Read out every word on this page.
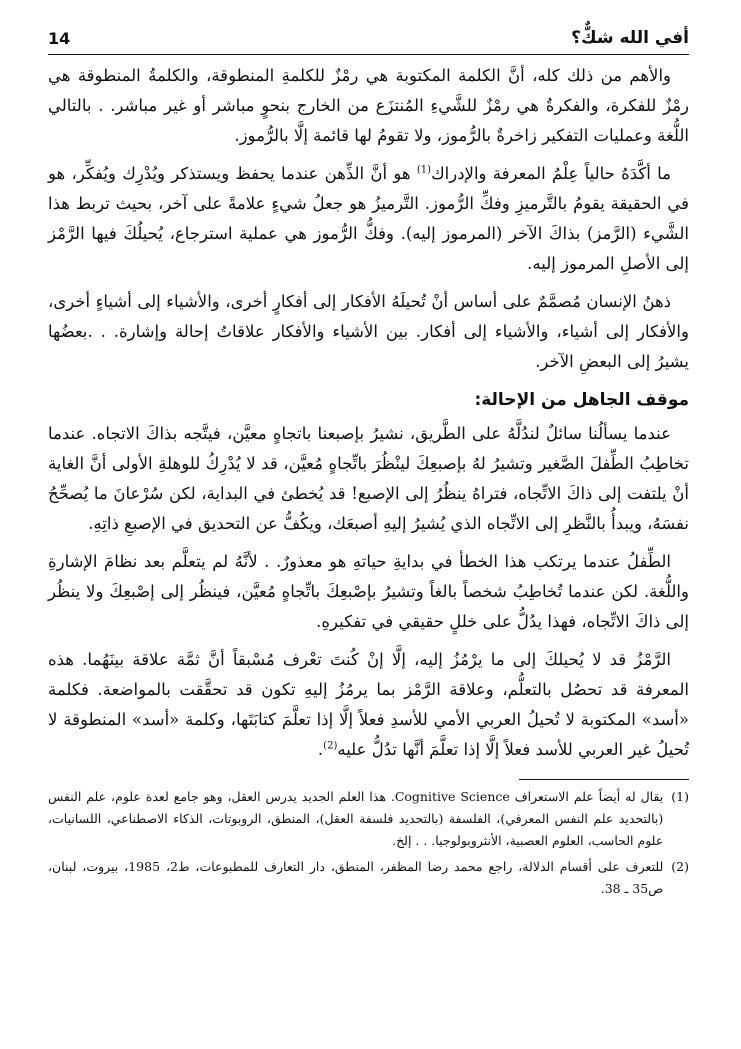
أفي الله شكٌّ؟
14

والأهم من ذلك كله، أنَّ الكلمة المكتوبة هي رمْزٌ للكلمةِ المنطوقة، والكلمةُ المنطوقة هي رمْزٌ للفكرة، والفكرةُ هي رمْزٌ للشَّيءِ المُنتزَع من الخارج بنحوٍ مباشر أو غير مباشر. . بالتالي اللُّغة وعمليات التفكير زاخرةٌ بالرُّموز، ولا تقومُ لها قائمة إلَّا بالرُّموز.

ما أكَّدَهُ حالياً عِلْمُ المعرفة والإدراك$^{(1)}$ هو أنَّ الذِّهن عندما يحفظ ويستذكر ويُدْرِك ويُفكِّر، هو في الحقيقة يقومُ بالتَّرميزِ وفكِّ الرُّموز. التَّرميزُ هو جعلُ شيءٍ علامةً على آخر، بحيث تربط هذا الشَّيء (الرَّمز) بذاكَ الآخر (المرموز إليه). وفكُّ الرُّموز هي عملية استرجاع، يُحيلُكَ فيها الرَّمْز إلى الأصلِ المرموز إليه.

ذهنُ الإنسان مُصمَّمٌ على أساس أنْ تُحيلَهُ الأفكار إلى أفكارٍ أخرى، والأشياء إلى أشياءٍ أخرى، والأفكار إلى أشياء، والأشياء إلى أفكار. بين الأشياء والأفكار علاقاتُ إحالة وإشارة. . .بعضُها يشيرُ إلى البعضِ الآخر.

موقف الجاهل من الإحالة:

عندما يسألُنا سائلٌ لندُلَّهُ على الطَّريق، نشيرُ بإصبعنا باتجاهٍ معيَّن، فيتَّجه بذاكَ الاتجاه. عندما تخاطِبُ الطِّفلَ الصَّغير وتشيرُ لهُ بإصبعِكَ لينْظُرَ باتِّجاهٍ مُعيَّن، قد لا يُدْرِكُ للوهلةِ الأولى أنَّ الغاية أنْ يلتفت إلى ذاكَ الاتِّجاه، فتراهُ ينظُرُ إلى الإصبع! قد يُخطئ في البداية، لكن سُرْعانَ ما يُصحِّحُ نفسَهُ، ويبدأُ بالنَّظرِ إلى الاتِّجاه الذي يُشيرُ إليهِ أصبعَك، ويكُفُّ عن التحديق في الإصبعِ ذاتِهِ.

الطِّفلُ عندما يرتكب هذا الخطأ في بدايةِ حياتهِ هو معذورٌ. . لأنَّهُ لم يتعلَّم بعد نظامَ الإشارةِ واللُّغة. لكن عندما تُخاطِبُ شخصاً بالغاً وتشيرُ بإصْبعِكَ باتِّجاهٍ مُعيَّن، فينظُر إلى إصْبعِكَ ولا ينظُر إلى ذاكَ الاتِّجاه، فهذا يدُلُّ على خللٍ حقيقي في تفكيرهِ.

الرَّمْزُ قد لا يُحيلكَ إلى ما يرْمُزُ إليه، إلَّا إنْ كُنتَ تعْرف مُسْبقاً أنَّ ثمَّة علاقة بينَهُما. هذه المعرفة قد تحصُل بالتعلُّم، وعلاقة الرَّمْز بما يرمُزُ إليهِ تكون قد تحقَّقت بالمواضعة. فكلمة «أسد» المكتوبة لا تُحيلُ العربي الأمي للأسدِ فعلاً إلَّا إذا تعلَّمَ كتابَتَها، وكلمة «أسد» المنطوقة لا تُحيلُ غير العربي للأسد فعلاً إلَّا إذا تعلَّمَ أنَّها تدُلُّ عليه$^{(2)}$.

(1)
يقال له أيضاً علم الاستعراف Cognitive Science. هذا العلم الجديد يدرس العقل، وهو جامع لعدة علوم، علم النفس (بالتحديد علم النفس المعرفي)، الفلسفة (بالتحديد فلسفة العقل)، المنطق، الروبوتات، الذكاء الاصطناعي، اللسانيات، علوم الحاسب، العلوم العصبية، الأنثروبولوجيا. . . إلخ.
(2)
للتعرف على أقسام الدلالة، راجع محمد رضا المظفر، المنطق، دار التعارف للمطبوعات، ط2، 1985، بيروت، لبنان، ص35 ـ 38.
